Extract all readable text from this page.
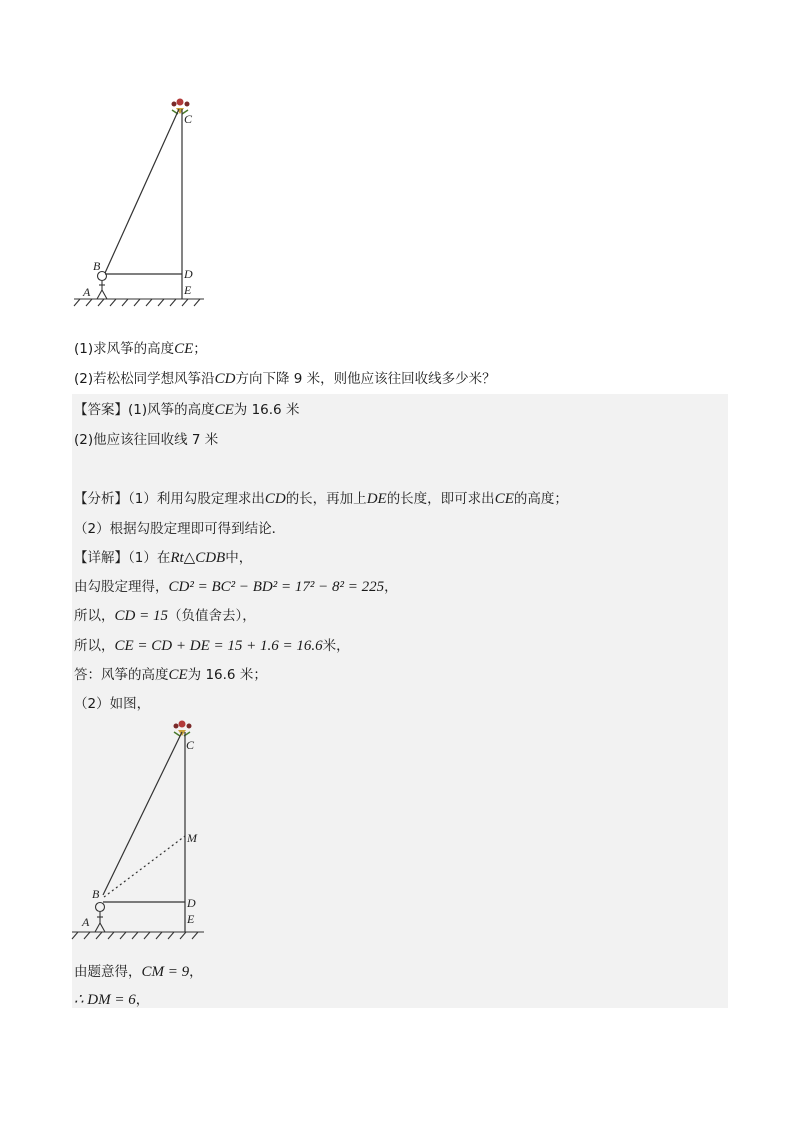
C
B
D
A	E
(1)求风筝的高度CE；
(2)若松松同学想风筝沿CD方向下降 9 米，则他应该往回收线多少米？
【答案】(1)风筝的高度CE为 16.6 米
(2)他应该往回收线 7 米
【分析】（1）利用勾股定理求出CD的长，再加上DE的长度，即可求出CE的高度；
（2）根据勾股定理即可得到结论．
【详解】（1）在Rt△CDB中，
由勾股定理得，CD² = BC² − BD² = 17² − 8² = 225，
所以，CD = 15（负值舍去），
所以，CE = CD + DE = 15 + 1.6 = 16.6米，
答：风筝的高度CE为 16.6 米；
（2）如图，
C
M
B
D
A	E
由题意得，CM = 9，
∴ DM = 6，
